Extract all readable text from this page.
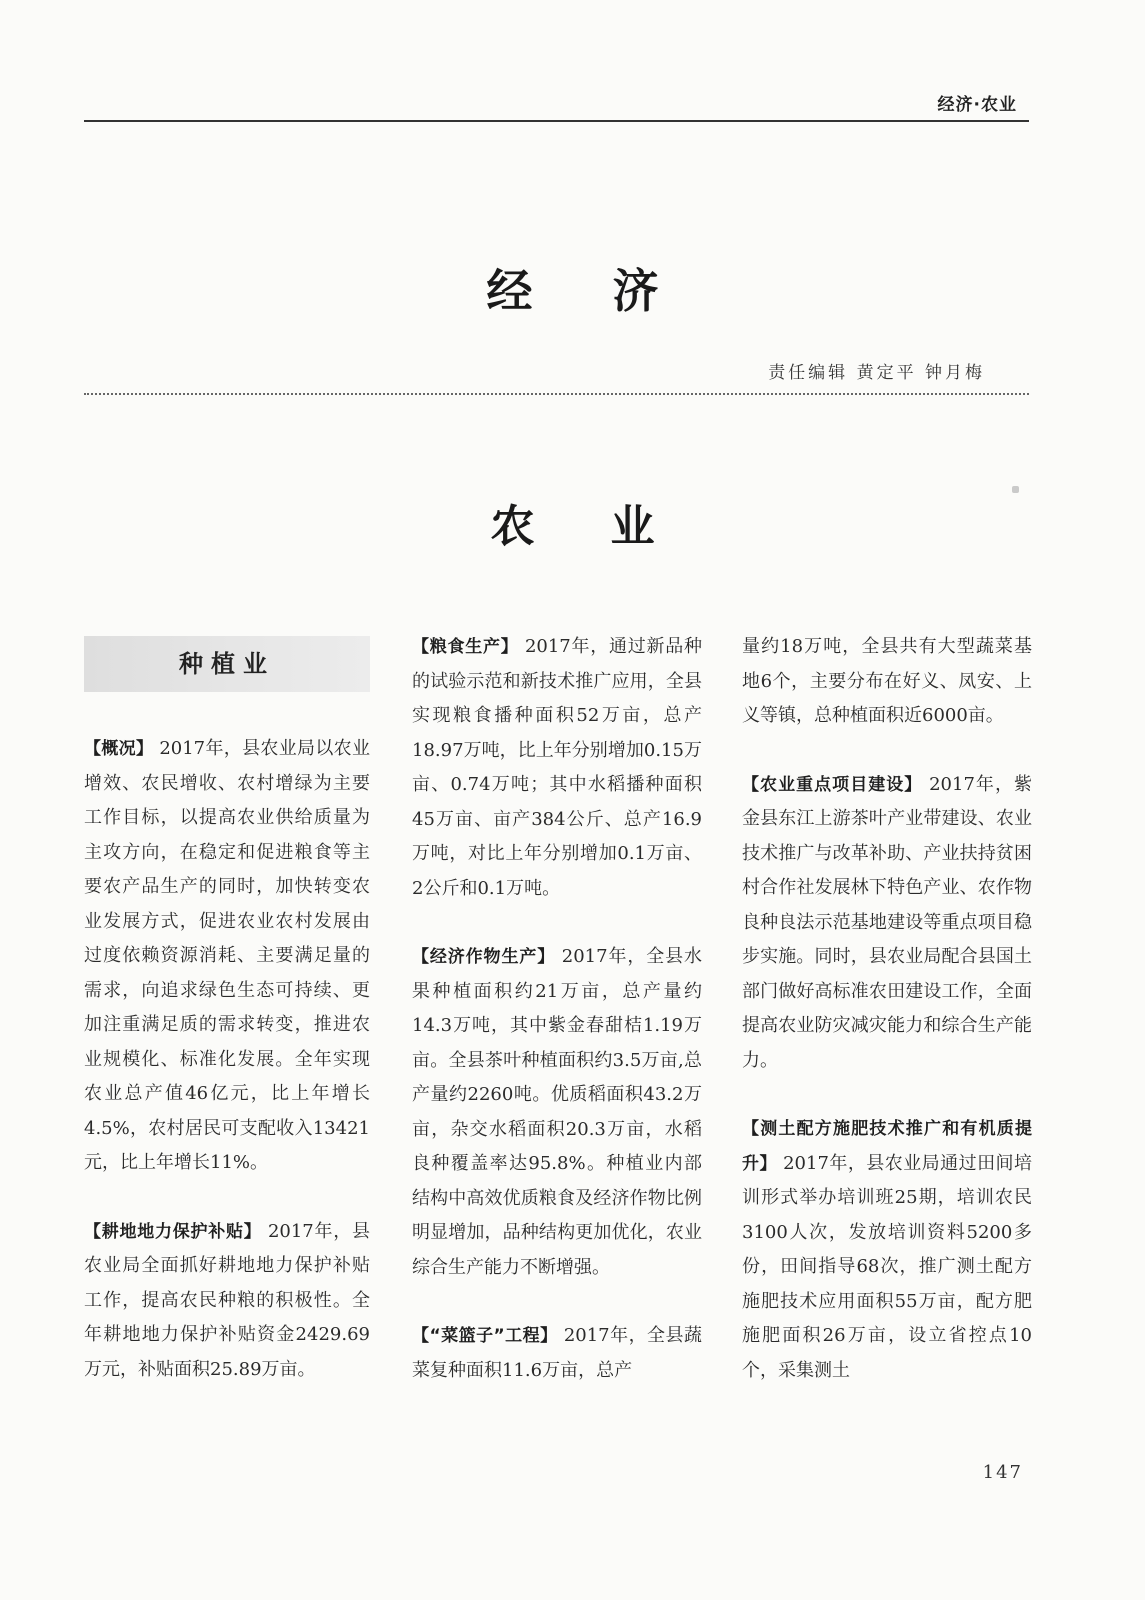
经济·农业
经济
责任编辑 黄定平 钟月梅
农业
种植业

【概况】 2017年，县农业局以农业增效、农民增收、农村增绿为主要工作目标，以提高农业供给质量为主攻方向，在稳定和促进粮食等主要农产品生产的同时，加快转变农业发展方式，促进农业农村发展由过度依赖资源消耗、主要满足量的需求，向追求绿色生态可持续、更加注重满足质的需求转变，推进农业规模化、标准化发展。全年实现农业总产值46亿元，比上年增长4.5%，农村居民可支配收入13421元，比上年增长11%。

【耕地地力保护补贴】 2017年，县农业局全面抓好耕地地力保护补贴工作，提高农民种粮的积极性。全年耕地地力保护补贴资金2429.69万元，补贴面积25.89万亩。

【粮食生产】 2017年，通过新品种的试验示范和新技术推广应用，全县实现粮食播种面积52万亩，总产18.97万吨，比上年分别增加0.15万亩、0.74万吨；其中水稻播种面积45万亩、亩产384公斤、总产16.9万吨，对比上年分别增加0.1万亩、2公斤和0.1万吨。

【经济作物生产】 2017年，全县水果种植面积约21万亩，总产量约14.3万吨，其中紫金春甜桔1.19万亩。全县茶叶种植面积约3.5万亩,总产量约2260吨。优质稻面积43.2万亩，杂交水稻面积20.3万亩，水稻良种覆盖率达95.8%。种植业内部结构中高效优质粮食及经济作物比例明显增加，品种结构更加优化，农业综合生产能力不断增强。

【“菜篮子”工程】 2017年，全县蔬菜复种面积11.6万亩，总产

量约18万吨，全县共有大型蔬菜基地6个，主要分布在好义、凤安、上义等镇，总种植面积近6000亩。

【农业重点项目建设】 2017年，紫金县东江上游茶叶产业带建设、农业技术推广与改革补助、产业扶持贫困村合作社发展林下特色产业、农作物良种良法示范基地建设等重点项目稳步实施。同时，县农业局配合县国土部门做好高标准农田建设工作，全面提高农业防灾减灾能力和综合生产能力。

【测土配方施肥技术推广和有机质提升】 2017年，县农业局通过田间培训形式举办培训班25期，培训农民3100人次，发放培训资料5200多份，田间指导68次，推广测土配方施肥技术应用面积55万亩，配方肥施肥面积26万亩，设立省控点10个，采集测土

147
